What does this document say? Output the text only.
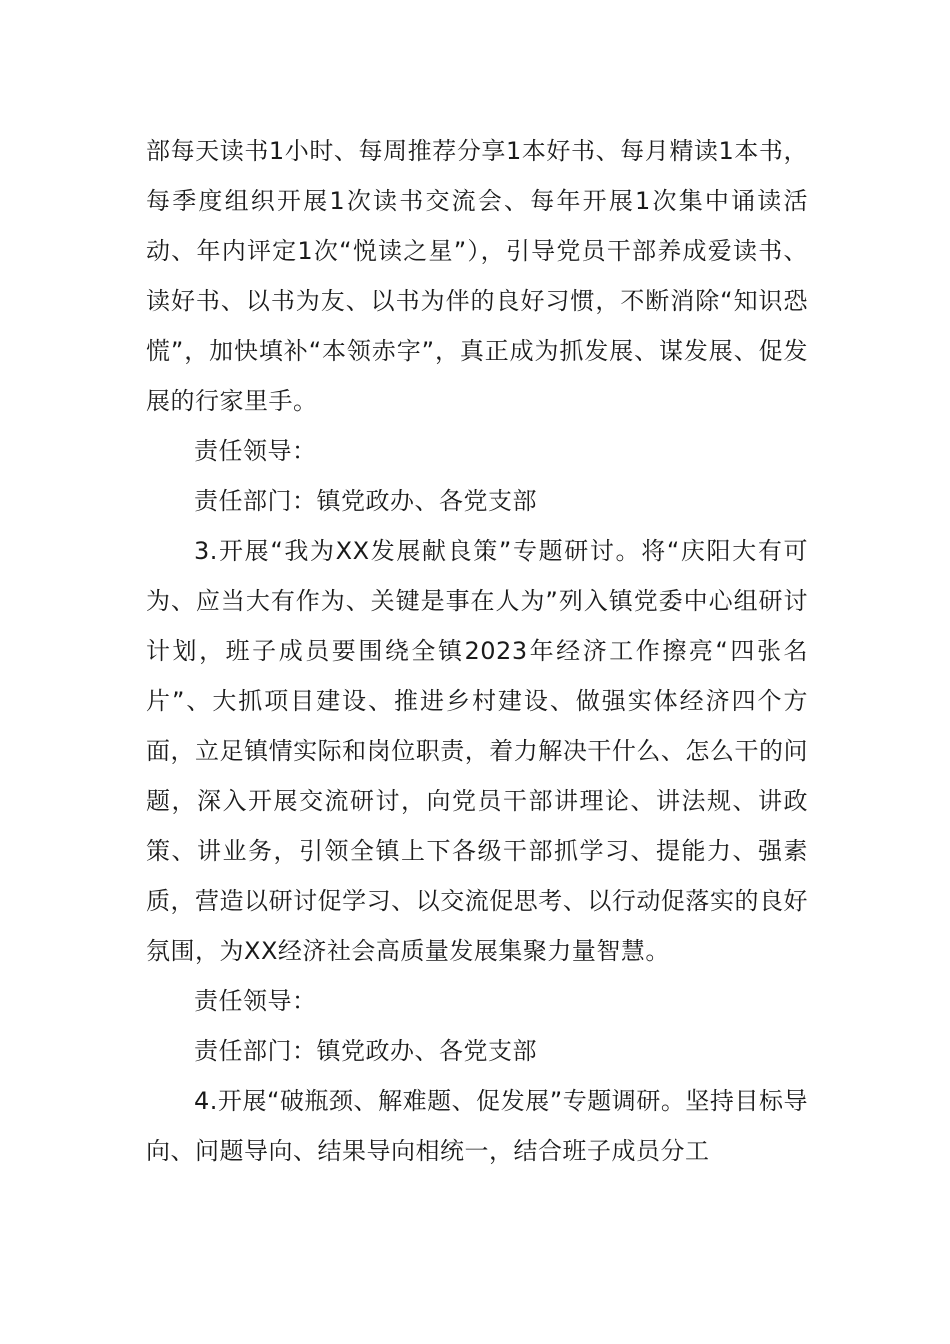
部每天读书1小时、每周推荐分享1本好书、每月精读1本书，每季度组织开展1次读书交流会、每年开展1次集中诵读活动、年内评定1次“悦读之星”），引导党员干部养成爱读书、读好书、以书为友、以书为伴的良好习惯，不断消除“知识恐慌”，加快填补“本领赤字”，真正成为抓发展、谋发展、促发展的行家里手。

责任领导：

责任部门：镇党政办、各党支部

3.开展“我为XX发展献良策”专题研讨。将“庆阳大有可为、应当大有作为、关键是事在人为”列入镇党委中心组研讨计划，班子成员要围绕全镇2023年经济工作擦亮“四张名片”、大抓项目建设、推进乡村建设、做强实体经济四个方面，立足镇情实际和岗位职责，着力解决干什么、怎么干的问题，深入开展交流研讨，向党员干部讲理论、讲法规、讲政策、讲业务，引领全镇上下各级干部抓学习、提能力、强素质，营造以研讨促学习、以交流促思考、以行动促落实的良好氛围，为XX经济社会高质量发展集聚力量智慧。

责任领导：

责任部门：镇党政办、各党支部

4.开展“破瓶颈、解难题、促发展”专题调研。坚持目标导向、问题导向、结果导向相统一，结合班子成员分工
